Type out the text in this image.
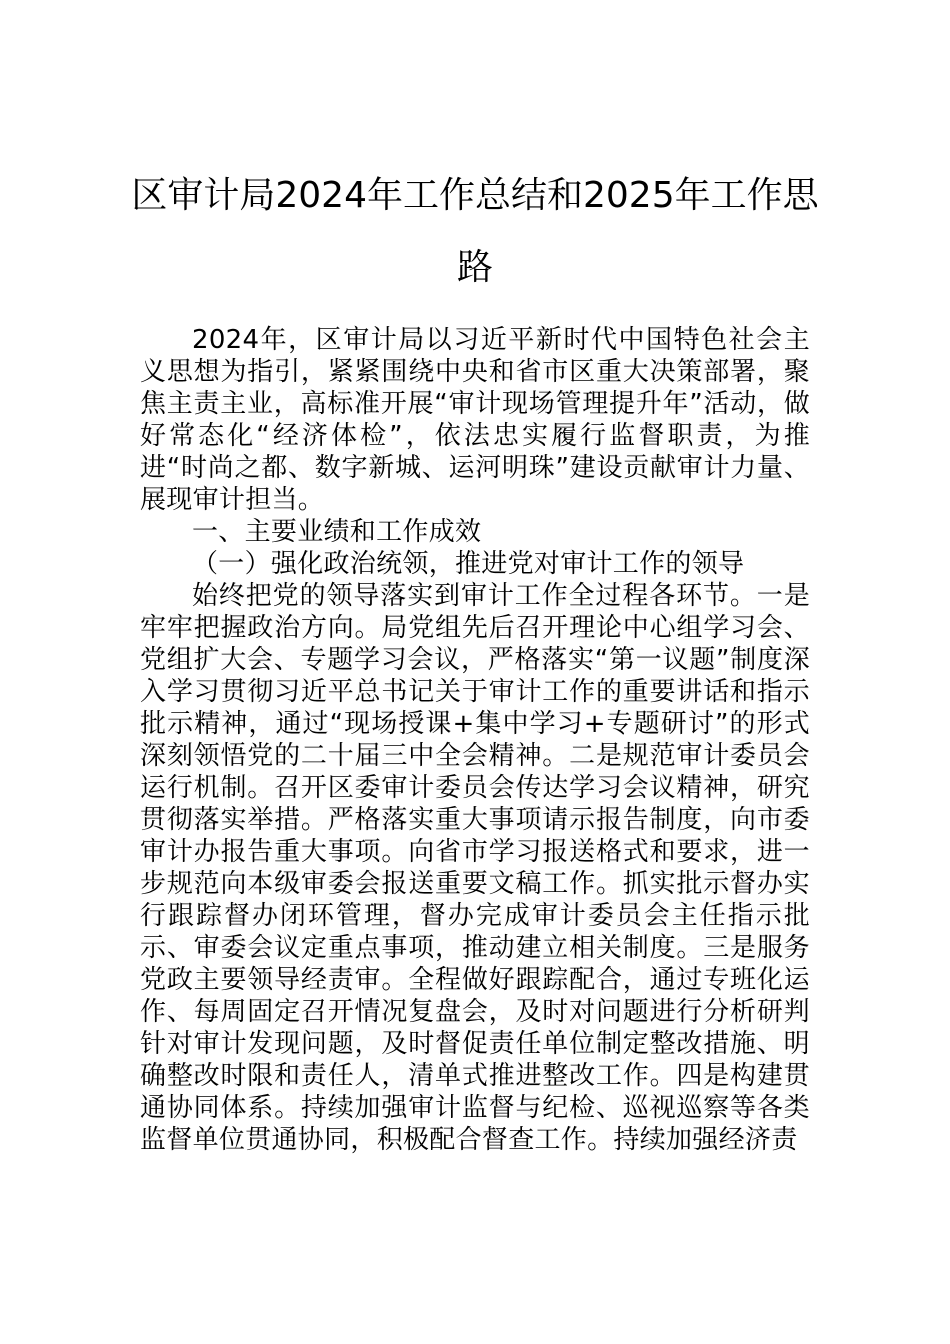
区审计局2024年工作总结和2025年工作思路

2024年，区审计局以习近平新时代中国特色社会主义思想为指引，紧紧围绕中央和省市区重大决策部署，聚焦主责主业，高标准开展“审计现场管理提升年”活动，做好常态化“经济体检”，依法忠实履行监督职责，为推进“时尚之都、数字新城、运河明珠”建设贡献审计力量、展现审计担当。

一、主要业绩和工作成效

（一）强化政治统领，推进党对审计工作的领导

始终把党的领导落实到审计工作全过程各环节。一是牢牢把握政治方向。局党组先后召开理论中心组学习会、党组扩大会、专题学习会议，严格落实“第一议题”制度深入学习贯彻习近平总书记关于审计工作的重要讲话和指示批示精神，通过“现场授课+集中学习+专题研讨”的形式深刻领悟党的二十届三中全会精神。二是规范审计委员会运行机制。召开区委审计委员会传达学习会议精神，研究贯彻落实举措。严格落实重大事项请示报告制度，向市委审计办报告重大事项。向省市学习报送格式和要求，进一步规范向本级审委会报送重要文稿工作。抓实批示督办实行跟踪督办闭环管理，督办完成审计委员会主任指示批示、审委会议定重点事项，推动建立相关制度。三是服务党政主要领导经责审。全程做好跟踪配合，通过专班化运作、每周固定召开情况复盘会，及时对问题进行分析研判针对审计发现问题，及时督促责任单位制定整改措施、明确整改时限和责任人，清单式推进整改工作。四是构建贯通协同体系。持续加强审计监督与纪检、巡视巡察等各类监督单位贯通协同，积极配合督查工作。持续加强经济责
